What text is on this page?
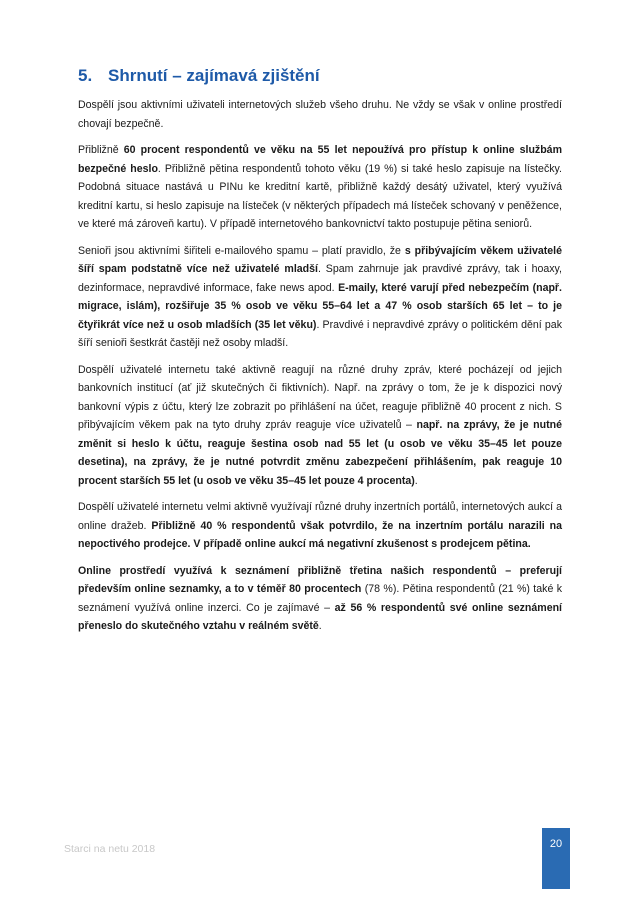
5. Shrnutí – zajímavá zjištění

Dospělí jsou aktivními uživateli internetových služeb všeho druhu. Ne vždy se však v online prostředí chovají bezpečně.

Přibližně 60 procent respondentů ve věku na 55 let nepoužívá pro přístup k online službám bezpečné heslo. Přibližně pětina respondentů tohoto věku (19 %) si také heslo zapisuje na lístečky. Podobná situace nastává u PINu ke kreditní kartě, přibližně každý desátý uživatel, který využívá kreditní kartu, si heslo zapisuje na lísteček (v některých případech má lísteček schovaný v peněžence, ve které má zároveň kartu). V případě internetového bankovnictví takto postupuje pětina seniorů.

Senioři jsou aktivními šiřiteli e-mailového spamu – platí pravidlo, že s přibývajícím věkem uživatelé šíří spam podstatně více než uživatelé mladší. Spam zahrnuje jak pravdivé zprávy, tak i hoaxy, dezinformace, nepravdivé informace, fake news apod. E-maily, které varují před nebezpečím (např. migrace, islám), rozšiřuje 35 % osob ve věku 55–64 let a 47 % osob starších 65 let – to je čtyřikrát více než u osob mladších (35 let věku). Pravdivé i nepravdivé zprávy o politickém dění pak šíří senioři šestkrát častěji než osoby mladší.

Dospělí uživatelé internetu také aktivně reagují na různé druhy zpráv, které pocházejí od jejich bankovních institucí (ať již skutečných či fiktivních). Např. na zprávy o tom, že je k dispozici nový bankovní výpis z účtu, který lze zobrazit po přihlášení na účet, reaguje přibližně 40 procent z nich. S přibývajícím věkem pak na tyto druhy zpráv reaguje více uživatelů – např. na zprávy, že je nutné změnit si heslo k účtu, reaguje šestina osob nad 55 let (u osob ve věku 35–45 let pouze desetina), na zprávy, že je nutné potvrdit změnu zabezpečení přihlášením, pak reaguje 10 procent starších 55 let (u osob ve věku 35–45 let pouze 4 procenta).

Dospělí uživatelé internetu velmi aktivně využívají různé druhy inzertních portálů, internetových aukcí a online dražeb. Přibližně 40 % respondentů však potvrdilo, že na inzertním portálu narazili na nepoctivého prodejce. V případě online aukcí má negativní zkušenost s prodejcem pětina.

Online prostředí využívá k seznámení přibližně třetina našich respondentů – preferují především online seznamky, a to v téměř 80 procentech (78 %). Pětina respondentů (21 %) také k seznámení využívá online inzerci. Co je zajímavé – až 56 % respondentů své online seznámení přeneslo do skutečného vztahu v reálném světě.

Starci na netu 2018	20
